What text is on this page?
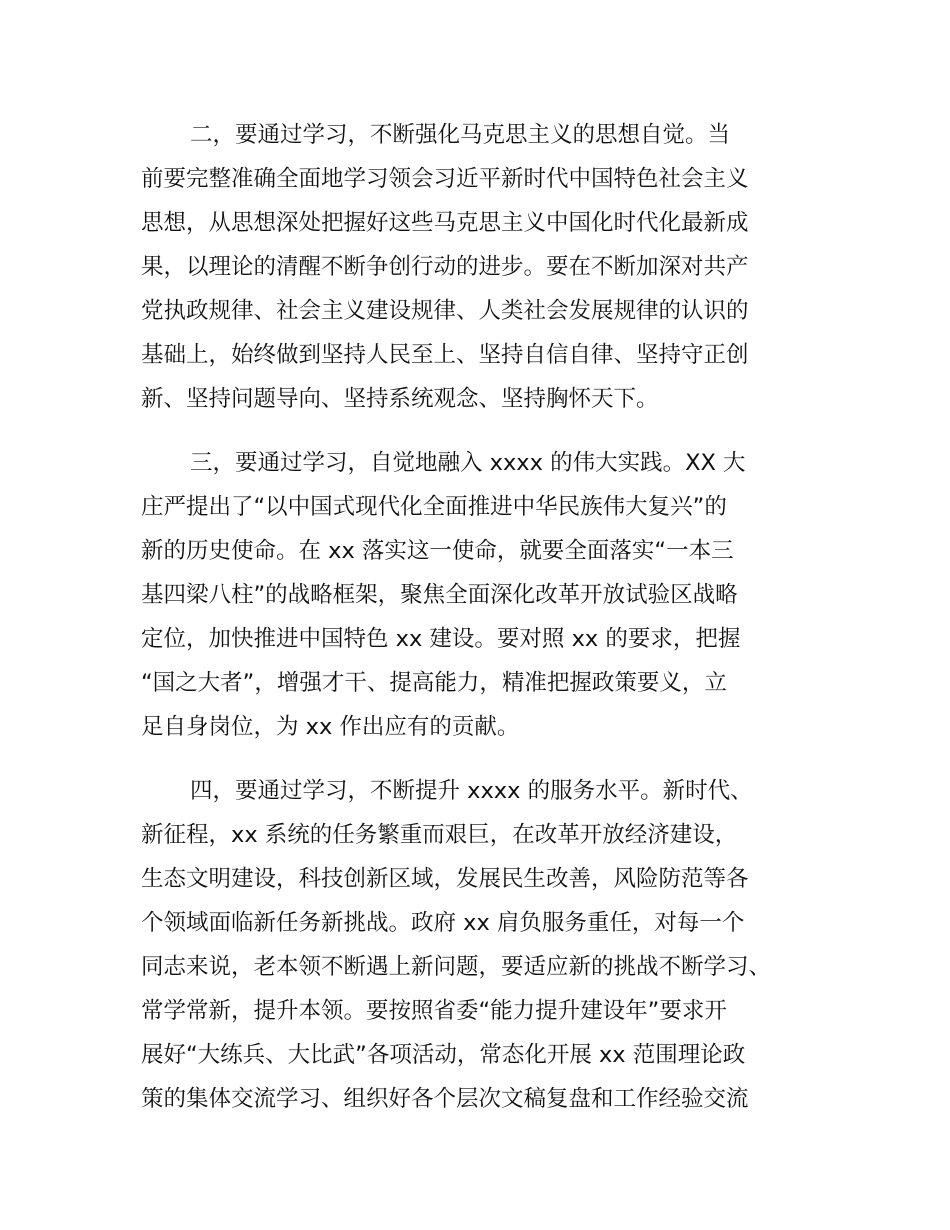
二，要通过学习，不断强化马克思主义的思想自觉。当
前要完整准确全面地学习领会习近平新时代中国特色社会主义
思想，从思想深处把握好这些马克思主义中国化时代化最新成
果，以理论的清醒不断争创行动的进步。要在不断加深对共产
党执政规律、社会主义建设规律、人类社会发展规律的认识的
基础上，始终做到坚持人民至上、坚持自信自律、坚持守正创
新、坚持问题导向、坚持系统观念、坚持胸怀天下。

三，要通过学习，自觉地融入 xxxx 的伟大实践。XX 大
庄严提出了“以中国式现代化全面推进中华民族伟大复兴”的
新的历史使命。在 xx 落实这一使命，就要全面落实“一本三
基四梁八柱”的战略框架，聚焦全面深化改革开放试验区战略
定位，加快推进中国特色 xx 建设。要对照 xx 的要求，把握
“国之大者”，增强才干、提高能力，精准把握政策要义，立
足自身岗位，为 xx 作出应有的贡献。

四，要通过学习，不断提升 xxxx 的服务水平。新时代、
新征程，xx 系统的任务繁重而艰巨，在改革开放经济建设，
生态文明建设，科技创新区域，发展民生改善，风险防范等各
个领域面临新任务新挑战。政府 xx 肩负服务重任，对每一个
同志来说，老本领不断遇上新问题，要适应新的挑战不断学习、
常学常新，提升本领。要按照省委“能力提升建设年”要求开
展好“大练兵、大比武”各项活动，常态化开展 xx 范围理论政
策的集体交流学习、组织好各个层次文稿复盘和工作经验交流
